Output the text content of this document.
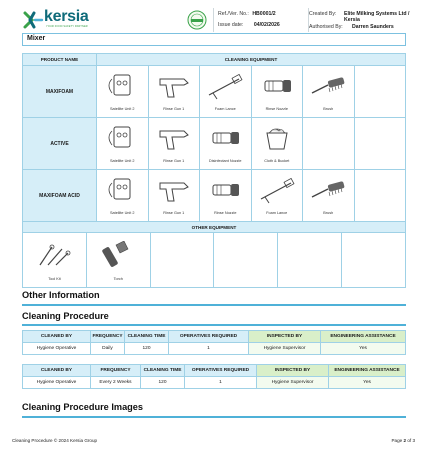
kersia
YOUR FOOD SAFETY PARTNER
Ref./Ver. No.: HB0001/2
Issue date: 04/02/2026
Created By: Elite Milking Systems Ltd / Kersia
Authorised By: Darren Saunders
Mixer
PRODUCT NAME	CLEANING EQUIPMENT					
MAXIFOAM	Satellite Unit 2	Rinse Gun 1	Foam Lance	Rinse Nozzle	Brush	

ACTIVE	Satellite Unit 2	Rinse Gun 1	Disinfectant Nozzle	Cloth & Bucket		

MAXIFOAM ACID	Satellite Unit 2	Rinse Gun 1	Rinse Nozzle	Foam Lance	Brush	

OTHER EQUIPMENT

Tool Kit	Torch

Other Information
Cleaning Procedure
CLEANED BY	FREQUENCY	CLEANING TIME	OPERATIVES REQUIRED	INSPECTED BY	ENGINEERING ASSISTANCE
Hygiene Operative	Daily	120	1	Hygiene Supervisor	Yes
CLEANED BY	FREQUENCY	CLEANING TIME	OPERATIVES REQUIRED	INSPECTED BY	ENGINEERING ASSISTANCE
Hygiene Operative	Every 2 Weeks	120	1	Hygiene Supervisor	Yes
Cleaning Procedure Images
Cleaning Procedure © 2024 Kersia Group	Page 2 of 3
